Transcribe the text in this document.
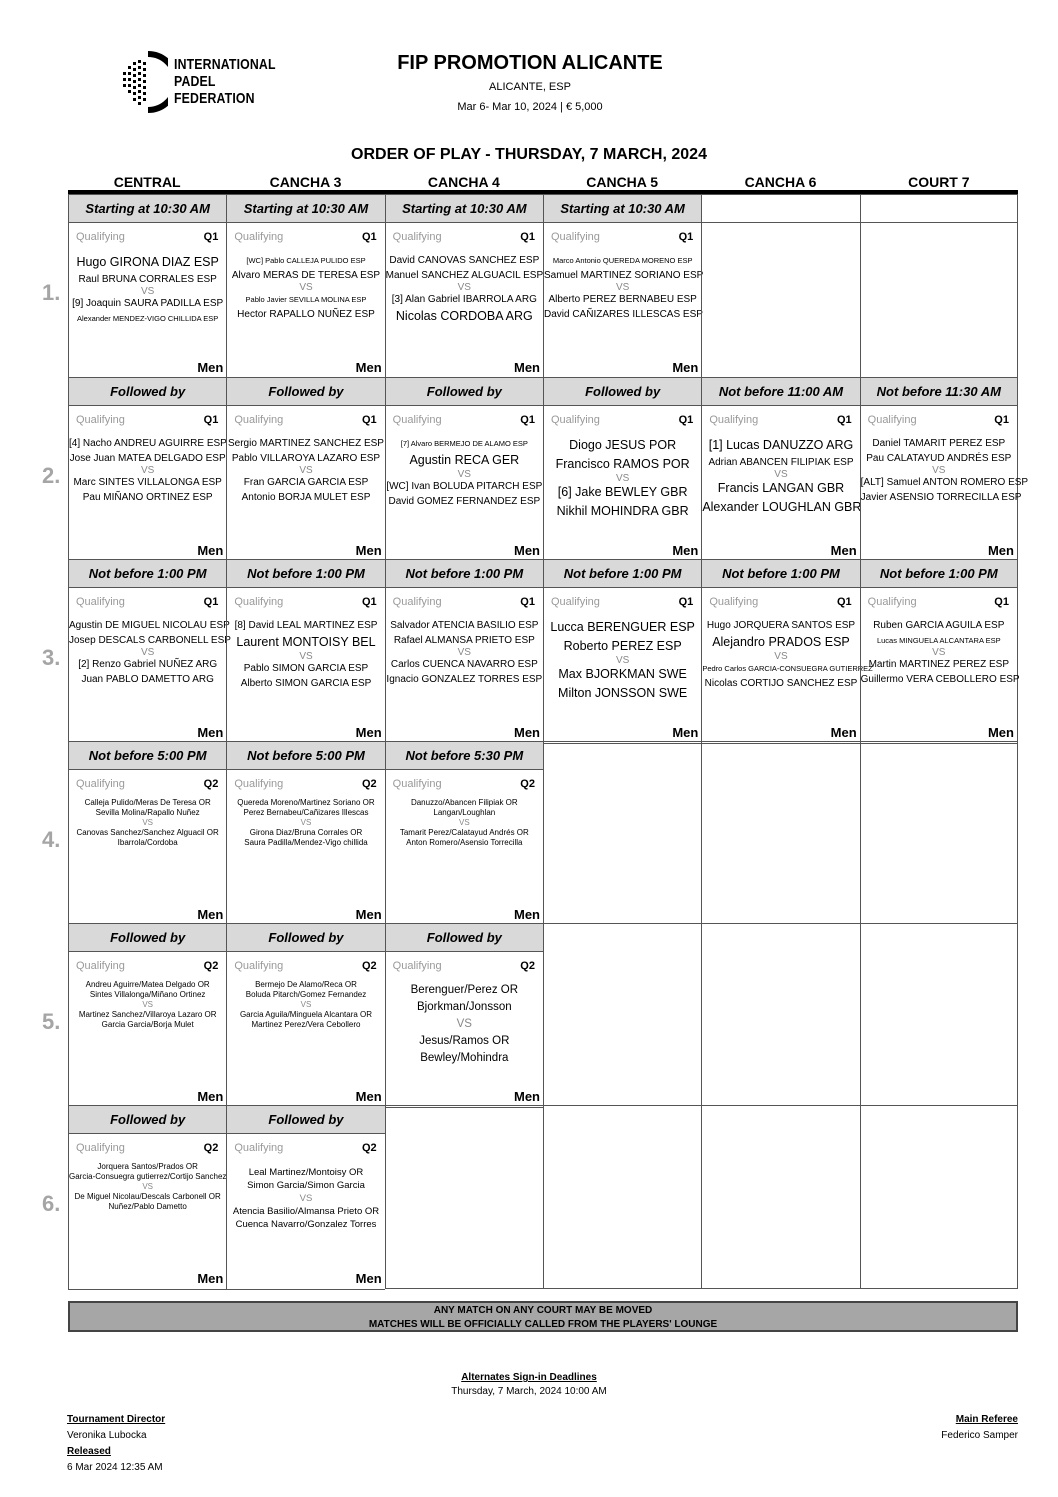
INTERNATIONAL
PADEL
FEDERATION
FIP PROMOTION ALICANTE
ALICANTE, ESP
Mar 6- Mar 10, 2024 | € 5,000
ORDER OF PLAY - THURSDAY, 7 MARCH, 2024
CENTRAL	CANCHA 3	CANCHA 4	CANCHA 5	CANCHA 6	COURT 7
1.
Starting at 10:30 AM
Qualifying	Q1
Hugo GIRONA DIAZ ESP
Raul BRUNA CORRALES ESP
VS
[9] Joaquin SAURA PADILLA ESP
Alexander MENDEZ-VIGO CHILLIDA ESP
Men
Starting at 10:30 AM
Qualifying	Q1
[WC] Pablo CALLEJA PULIDO ESP
Alvaro MERAS DE TERESA ESP
VS
Pablo Javier SEVILLA MOLINA ESP
Hector RAPALLO NUÑEZ ESP
Men
Starting at 10:30 AM
Qualifying	Q1
David CANOVAS SANCHEZ ESP
Manuel SANCHEZ ALGUACIL ESP
VS
[3] Alan Gabriel IBARROLA ARG
Nicolas CORDOBA ARG
Men
Starting at 10:30 AM
Qualifying	Q1
Marco Antonio QUEREDA MORENO ESP
Samuel MARTINEZ SORIANO ESP
VS
Alberto PEREZ BERNABEU ESP
David CAÑIZARES ILLESCAS ESP
Men
2.
Followed by
Qualifying	Q1
[4] Nacho ANDREU AGUIRRE ESP
Jose Juan MATEA DELGADO ESP
VS
Marc SINTES VILLALONGA ESP
Pau MIÑANO ORTINEZ ESP
Men
Followed by
Qualifying	Q1
Sergio MARTINEZ SANCHEZ ESP
Pablo VILLAROYA LAZARO ESP
VS
Fran GARCIA GARCIA ESP
Antonio BORJA MULET ESP
Men
Followed by
Qualifying	Q1
[7] Alvaro BERMEJO DE ALAMO ESP
Agustin RECA GER
VS
[WC] Ivan BOLUDA PITARCH ESP
David GOMEZ FERNANDEZ ESP
Men
Followed by
Qualifying	Q1
Diogo JESUS POR
Francisco RAMOS POR
VS
[6] Jake BEWLEY GBR
Nikhil MOHINDRA GBR
Men
Not before 11:00 AM
Qualifying	Q1
[1] Lucas DANUZZO ARG
Adrian ABANCEN FILIPIAK ESP
VS
Francis LANGAN GBR
Alexander LOUGHLAN GBR
Men
Not before 11:30 AM
Qualifying	Q1
Daniel TAMARIT PEREZ ESP
Pau CALATAYUD ANDRÉS ESP
VS
[ALT] Samuel ANTON ROMERO ESP
Javier ASENSIO TORRECILLA ESP
Men
3.
Not before 1:00 PM
Qualifying	Q1
Agustin DE MIGUEL NICOLAU ESP
Josep DESCALS CARBONELL ESP
VS
[2] Renzo Gabriel NUÑEZ ARG
Juan PABLO DAMETTO ARG
Men
Not before 1:00 PM
Qualifying	Q1
[8] David LEAL MARTINEZ ESP
Laurent MONTOISY BEL
VS
Pablo SIMON GARCIA ESP
Alberto SIMON GARCIA ESP
Men
Not before 1:00 PM
Qualifying	Q1
Salvador ATENCIA BASILIO ESP
Rafael ALMANSA PRIETO ESP
VS
Carlos CUENCA NAVARRO ESP
Ignacio GONZALEZ TORRES ESP
Men
Not before 1:00 PM
Qualifying	Q1
Lucca BERENGUER ESP
Roberto PEREZ ESP
VS
Max BJORKMAN SWE
Milton JONSSON SWE
Men
Not before 1:00 PM
Qualifying	Q1
Hugo JORQUERA SANTOS ESP
Alejandro PRADOS ESP
VS
Pedro Carlos GARCIA-CONSUEGRA GUTIERREZ
Nicolas CORTIJO SANCHEZ ESP
Men
Not before 1:00 PM
Qualifying	Q1
Ruben GARCIA AGUILA ESP
Lucas MINGUELA ALCANTARA ESP
VS
Martin MARTINEZ PEREZ ESP
Guillermo VERA CEBOLLERO ESP
Men
4.
Not before 5:00 PM
Qualifying	Q2
Calleja Pulido/Meras De Teresa OR
Sevilla Molina/Rapallo Nuñez
VS
Canovas Sanchez/Sanchez Alguacil OR
Ibarrola/Cordoba
Men
Not before 5:00 PM
Qualifying	Q2
Quereda Moreno/Martinez Soriano OR
Perez Bernabeu/Cañizares Illescas
VS
Girona Diaz/Bruna Corrales OR
Saura Padilla/Mendez-Vigo chillida
Men
Not before 5:30 PM
Qualifying	Q2
Danuzzo/Abancen Filipiak OR
Langan/Loughlan
VS
Tamarit Perez/Calatayud Andrés OR
Anton Romero/Asensio Torrecilla
Men
5.
Followed by
Qualifying	Q2
Andreu Aguirre/Matea Delgado OR
Sintes Villalonga/Miñano Ortinez
VS
Martinez Sanchez/Villaroya Lazaro OR
Garcia Garcia/Borja Mulet
Men
Followed by
Qualifying	Q2
Bermejo De Alamo/Reca OR
Boluda Pitarch/Gomez Fernandez
VS
Garcia Aguila/Minguela Alcantara OR
Martinez Perez/Vera Cebollero
Men
Followed by
Qualifying	Q2
Berenguer/Perez OR
Bjorkman/Jonsson
VS
Jesus/Ramos OR
Bewley/Mohindra
Men
6.
Followed by
Qualifying	Q2
Jorquera Santos/Prados OR
Garcia-Consuegra gutierrez/Cortijo Sanchez
VS
De Miguel Nicolau/Descals Carbonell OR
Nuñez/Pablo Dametto
Men
Followed by
Qualifying	Q2
Leal Martinez/Montoisy OR
Simon Garcia/Simon Garcia
VS
Atencia Basilio/Almansa Prieto OR
Cuenca Navarro/Gonzalez Torres
Men
ANY MATCH ON ANY COURT MAY BE MOVED
MATCHES WILL BE OFFICIALLY CALLED FROM THE PLAYERS' LOUNGE
Alternates Sign-in Deadlines
Thursday, 7 March, 2024 10:00 AM
Tournament Director
Veronika Lubocka
Released
6 Mar 2024 12:35 AM
Main Referee
Federico Samper
